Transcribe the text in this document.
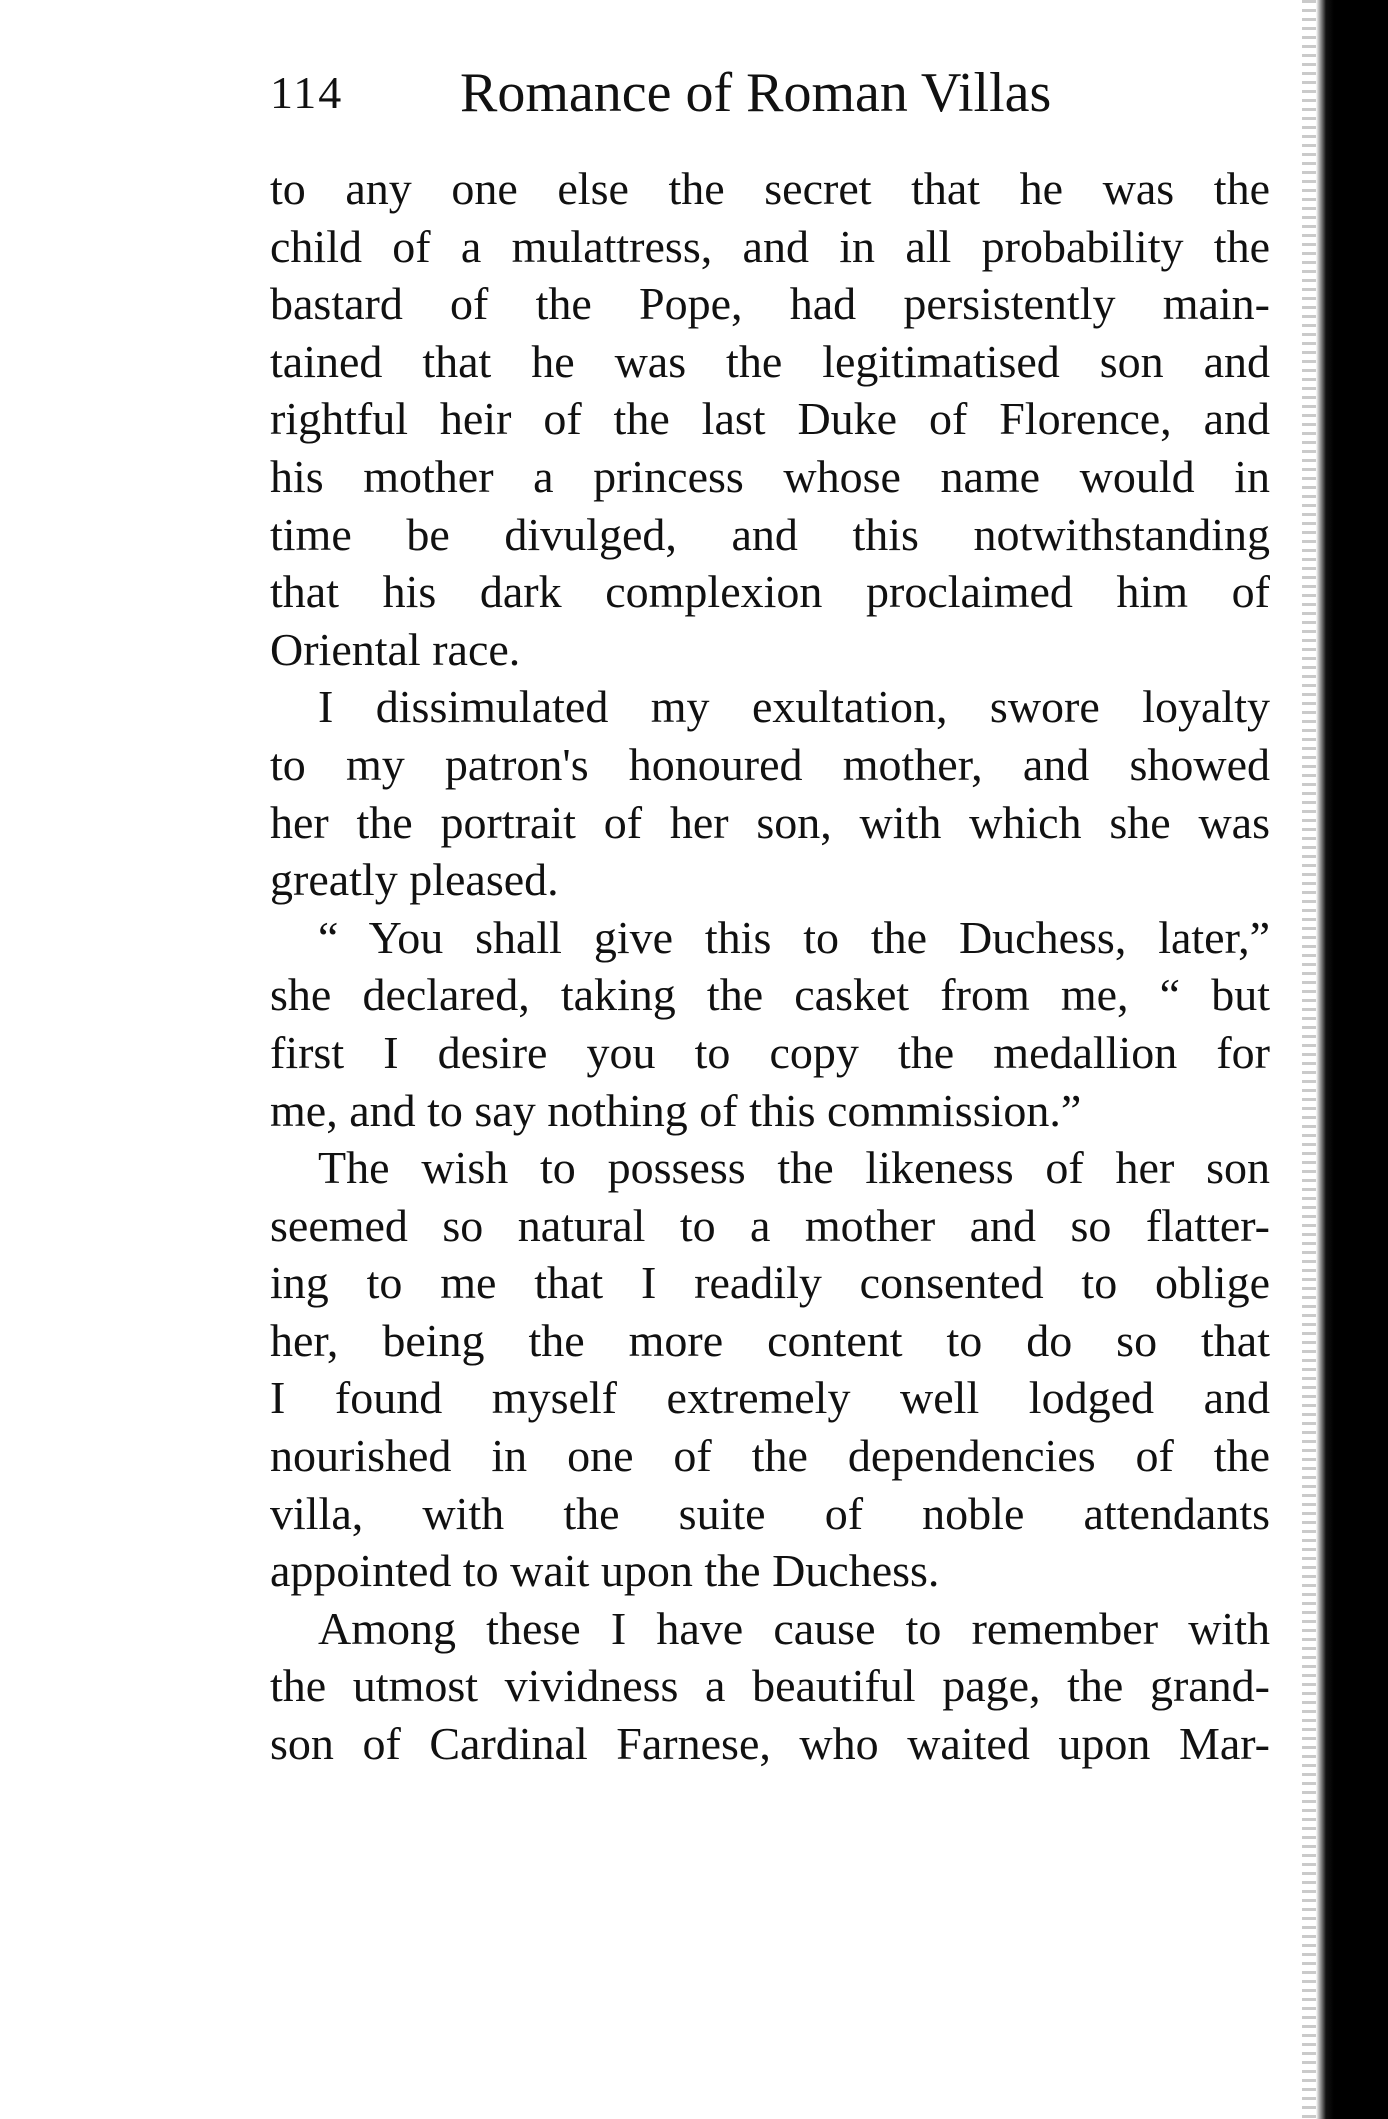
114 Romance of Roman Villas
to any one else the secret that he was the
child of a mulattress, and in all probability the
bastard of the Pope, had persistently main-
tained that he was the legitimatised son and
rightful heir of the last Duke of Florence, and
his mother a princess whose name would in
time be divulged, and this notwithstanding
that his dark complexion proclaimed him of
Oriental race.
I dissimulated my exultation, swore loyalty
to my patron's honoured mother, and showed
her the portrait of her son, with which she was
greatly pleased.
“ You shall give this to the Duchess, later,”
she declared, taking the casket from me, “ but
first I desire you to copy the medallion for
me, and to say nothing of this commission.”
The wish to possess the likeness of her son
seemed so natural to a mother and so flatter-
ing to me that I readily consented to oblige
her, being the more content to do so that
I found myself extremely well lodged and
nourished in one of the dependencies of the
villa, with the suite of noble attendants
appointed to wait upon the Duchess.
Among these I have cause to remember with
the utmost vividness a beautiful page, the grand-
son of Cardinal Farnese, who waited upon Mar-
